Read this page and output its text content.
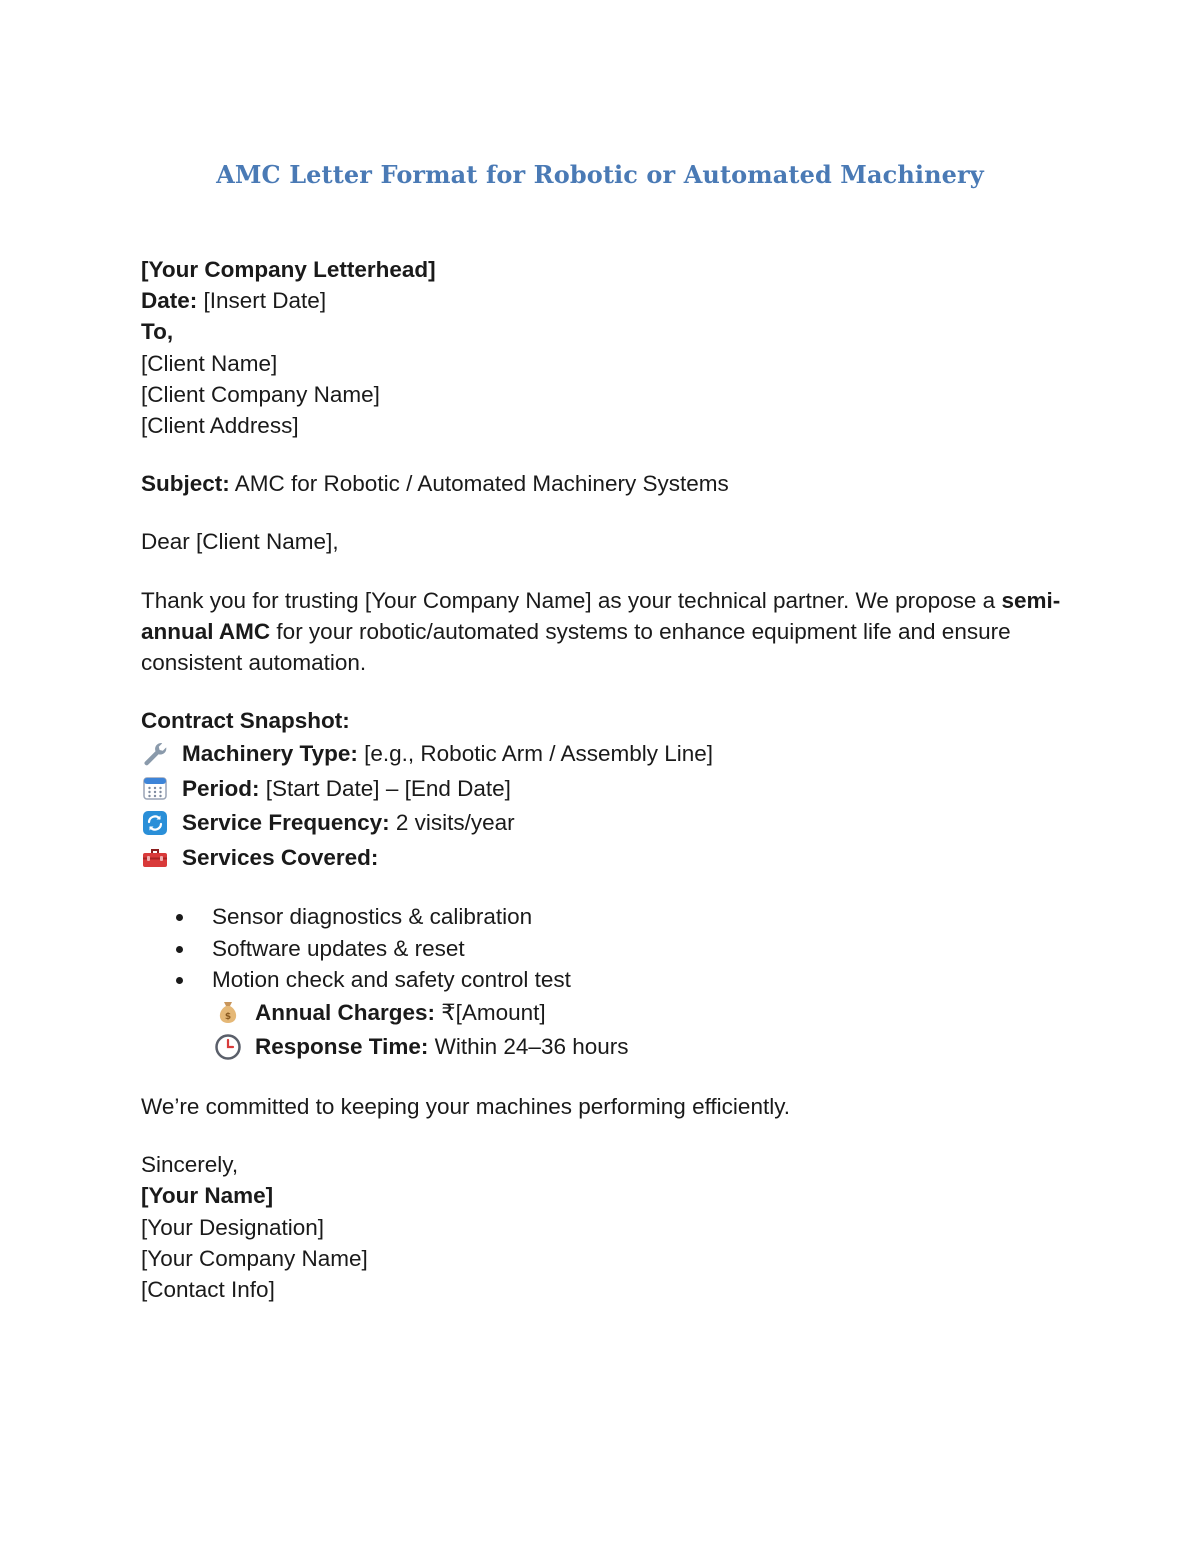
AMC Letter Format for Robotic or Automated Machinery
[Your Company Letterhead]
Date: [Insert Date]
To,
[Client Name]
[Client Company Name]
[Client Address]
Subject: AMC for Robotic / Automated Machinery Systems
Dear [Client Name],
Thank you for trusting [Your Company Name] as your technical partner. We propose a semi-annual AMC for your robotic/automated systems to enhance equipment life and ensure consistent automation.
Contract Snapshot:
Machinery Type: [e.g., Robotic Arm / Assembly Line]
Period: [Start Date] – [End Date]
Service Frequency: 2 visits/year
Services Covered:
Sensor diagnostics & calibration
Software updates & reset
Motion check and safety control test
$ Annual Charges: ₹[Amount]
Response Time: Within 24–36 hours
We’re committed to keeping your machines performing efficiently.
Sincerely,
[Your Name]
[Your Designation]
[Your Company Name]
[Contact Info]
